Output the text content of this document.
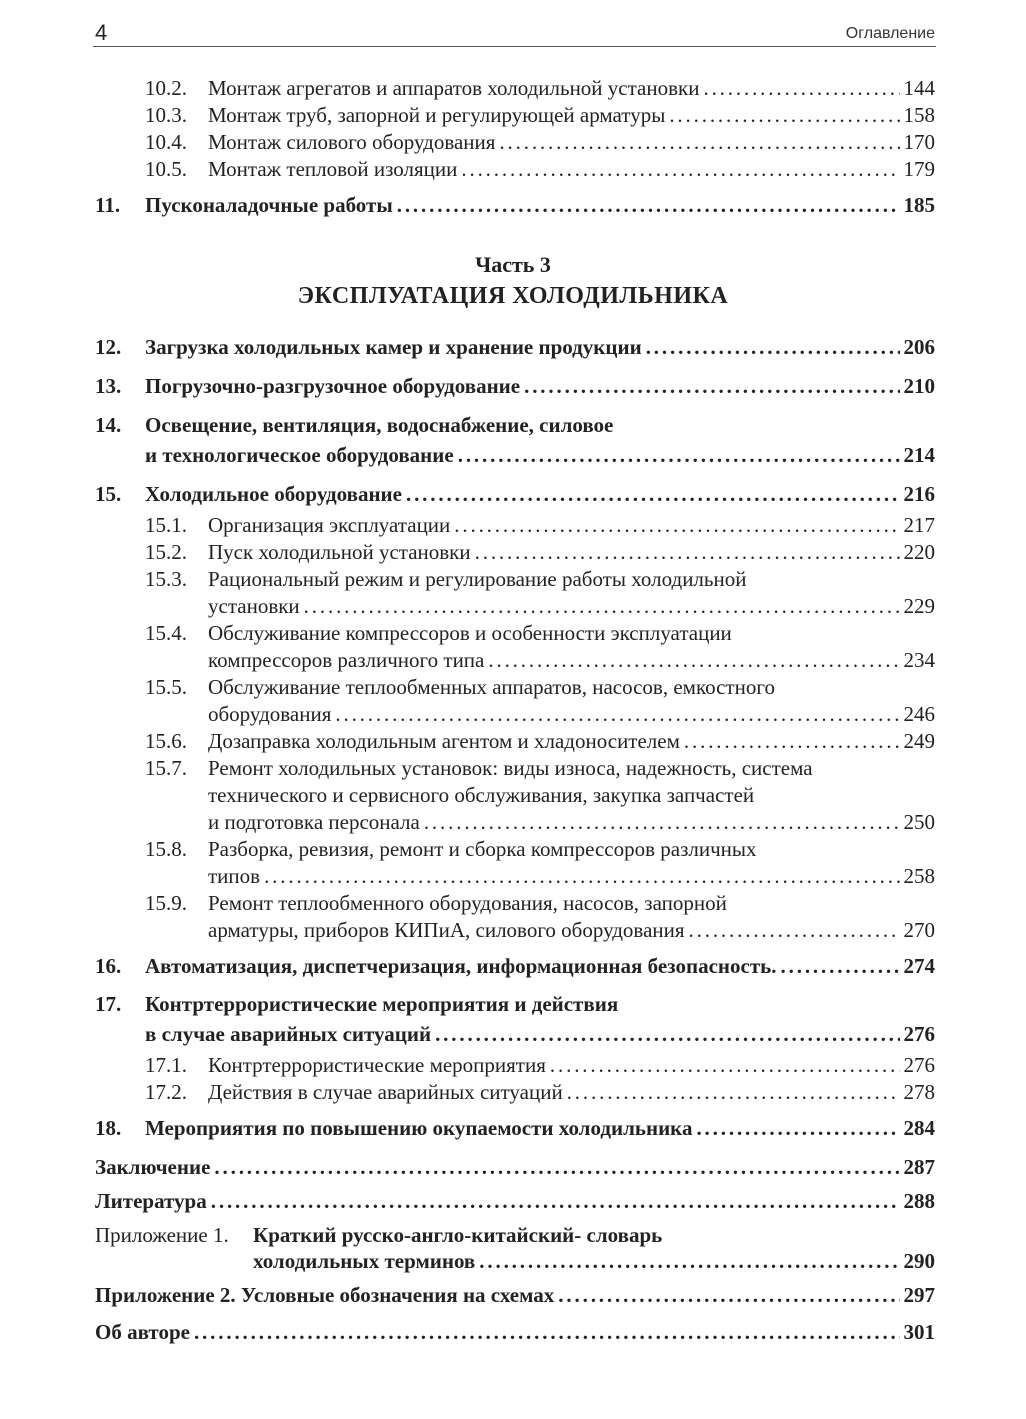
4	Оглавление
Часть 3
ЭКСПЛУАТАЦИЯ ХОЛОДИЛЬНИКА
10.2. Монтаж агрегатов и аппаратов холодильной установки . . .	144
10.3. Монтаж труб, запорной и регулирующей арматуры . . .	158
10.4. Монтаж силового оборудования . . .	170
10.5. Монтаж тепловой изоляции . . .	179
11. Пусконаладочные работы . . .	185
12. Загрузка холодильных камер и хранение продукции . . .	206
13. Погрузочно-разгрузочное оборудование . . .	210
14. Освещение, вентиляция, водоснабжение, силовое
и технологическое оборудование . . .	214
15. Холодильное оборудование . . .	216
15.1. Организация эксплуатации . . .	217
15.2. Пуск холодильной установки . . .	220
15.3. Рациональный режим и регулирование работы холодильной
установки . . .	229
15.4. Обслуживание компрессоров и особенности эксплуатации
компрессоров различного типа . . .	234
15.5. Обслуживание теплообменных аппаратов, насосов, емкостного
оборудования . . .	246
15.6. Дозаправка холодильным агентом и хладоносителем . . .	249
15.7. Ремонт холодильных установок: виды износа, надежность, система
технического и сервисного обслуживания, закупка запчастей
и подготовка персонала . . .	250
15.8. Разборка, ревизия, ремонт и сборка компрессоров различных
типов . . .	258
15.9. Ремонт теплообменного оборудования, насосов, запорной
арматуры, приборов КИПиА, силового оборудования . . .	270
16. Автоматизация, диспетчеризация, информационная безопасность. . . .	274
17. Контртеррористические мероприятия и действия
в случае аварийных ситуаций . . .	276
17.1. Контртеррористические мероприятия . . .	276
17.2. Действия в случае аварийных ситуаций . . .	278
18. Мероприятия по повышению окупаемости холодильника . . .	284
Заключение . . .	287
Литература . . .	288
Приложение 1. Краткий русско-англо-китайский- словарь
холодильных терминов . . .	290
Приложение 2. Условные обозначения на схемах . . .	297
Об авторе . . .	301
